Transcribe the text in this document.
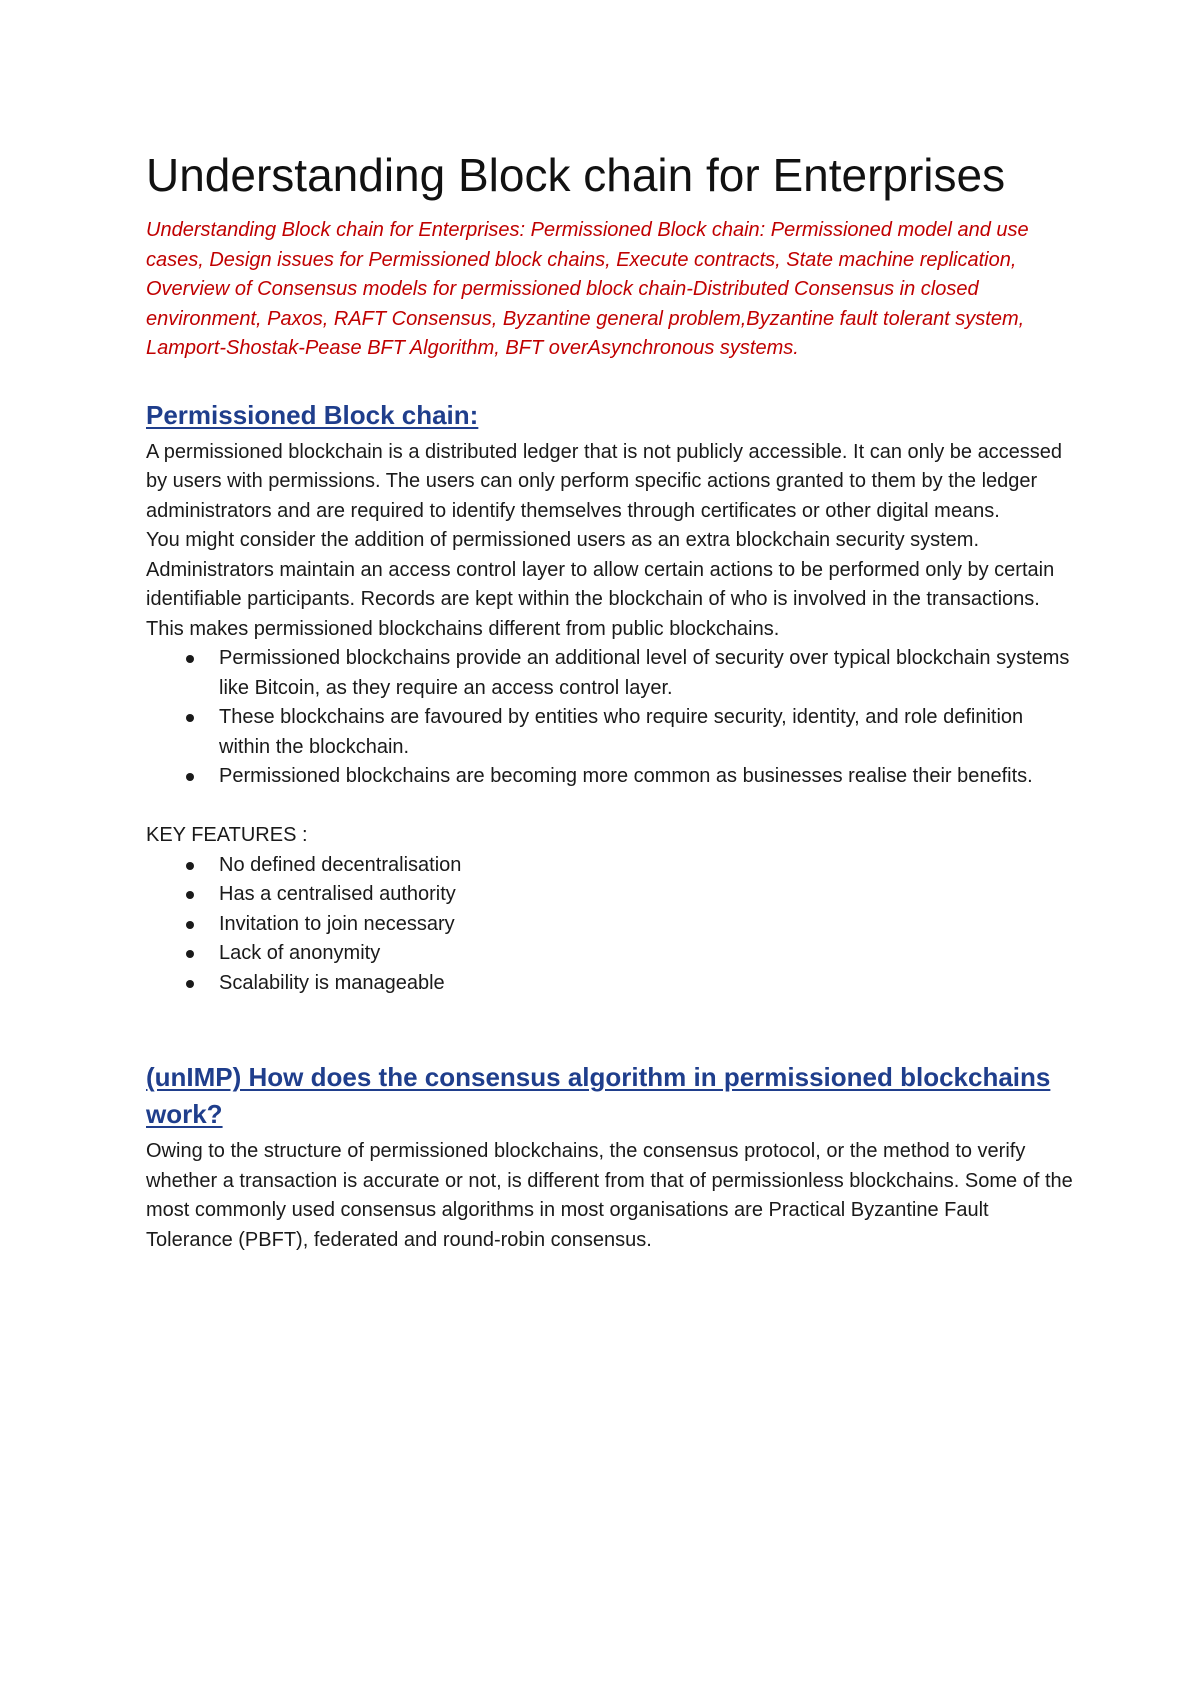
Understanding Block chain for Enterprises

Understanding Block chain for Enterprises: Permissioned Block chain: Permissioned model and use cases, Design issues for Permissioned block chains, Execute contracts, State machine replication, Overview of Consensus models for permissioned block chain-Distributed Consensus in closed environment, Paxos, RAFT Consensus, Byzantine general problem,Byzantine fault tolerant system, Lamport-Shostak-Pease BFT Algorithm, BFT overAsynchronous systems.

Permissioned Block chain:

A permissioned blockchain is a distributed ledger that is not publicly accessible. It can only be accessed by users with permissions. The users can only perform specific actions granted to them by the ledger administrators and are required to identify themselves through certificates or other digital means.

You might consider the addition of permissioned users as an extra blockchain security system. Administrators maintain an access control layer to allow certain actions to be performed only by certain identifiable participants. Records are kept within the blockchain of who is involved in the transactions. This makes permissioned blockchains different from public blockchains.

Permissioned blockchains provide an additional level of security over typical blockchain systems like Bitcoin, as they require an access control layer.
These blockchains are favoured by entities who require security, identity, and role definition within the blockchain.
Permissioned blockchains are becoming more common as businesses realise their benefits.

KEY FEATURES :

No defined decentralisation
Has a centralised authority
Invitation to join necessary
Lack of anonymity
Scalability is manageable
(unIMP) How does the consensus algorithm in permissioned blockchains work?

Owing to the structure of permissioned blockchains, the consensus protocol, or the method to verify whether a transaction is accurate or not, is different from that of permissionless blockchains. Some of the most commonly used consensus algorithms in most organisations are Practical Byzantine Fault Tolerance (PBFT), federated and round-robin consensus.
